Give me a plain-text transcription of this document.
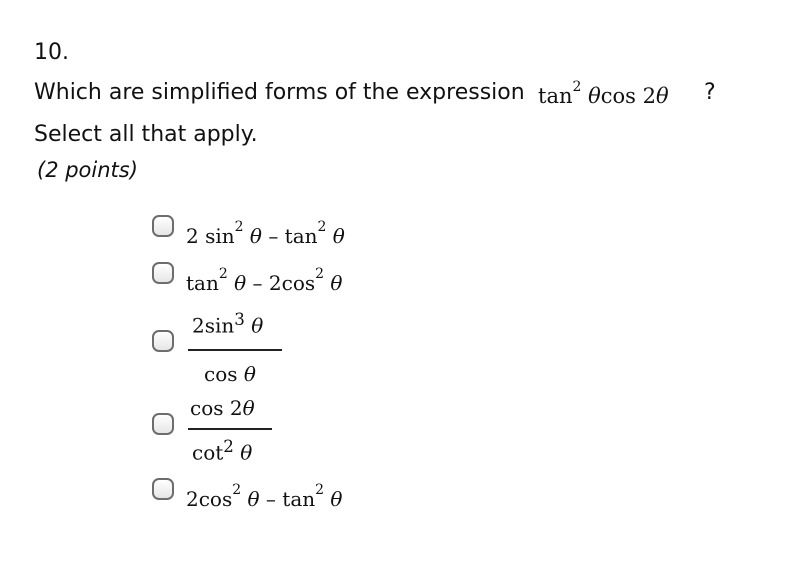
10.
Which are simplified forms of the expression $\tan^2 \theta\cos$ 2θ ?
Select all that apply.
(2 points)
2 $\sin^2 \theta - \tan^2 \theta$
$\tan^2 \theta - 2\cos^2$ θ
$2\sin^3$ θ
cos θ
cos 2θ
$\cot^2 \theta$
$2\cos^2$ θ – $\tan^2 \theta$
